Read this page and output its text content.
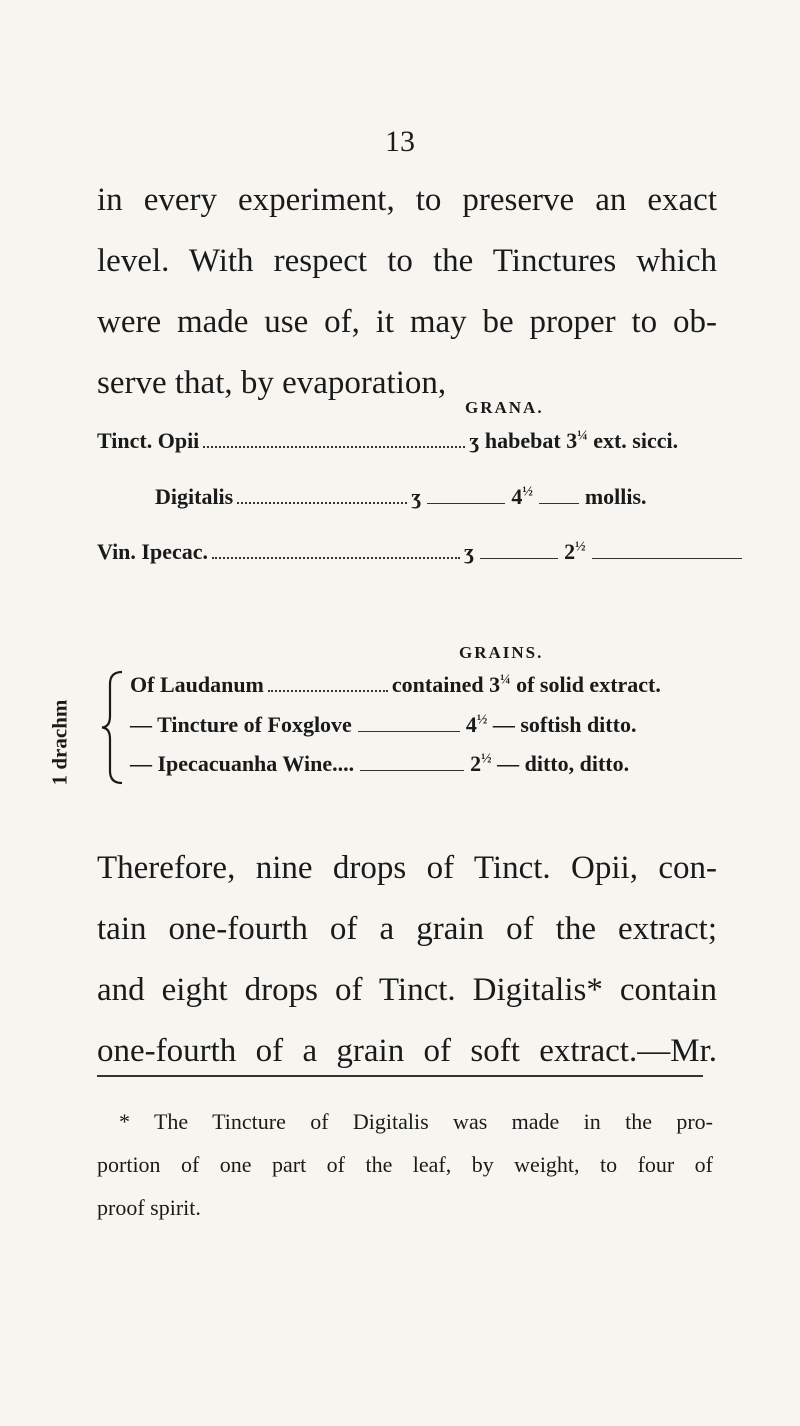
13
in every experiment, to preserve an exact
level. With respect to the Tinctures which
were made use of, it may be proper to ob-
serve that, by evaporation,
GRANA.
Tinct. Opii	ʒ habebat $3^{\frac{1}{4}}$ ext. sicci.
Digitalis	ʒ	$4^{\frac{1}{2}}$ mollis.
Vin. Ipecac.	ʒ	$2^{\frac{1}{2}}$
GRAINS.
1 drachm
Of Laudanum	contained $3^{\frac{1}{4}}$ of solid extract.
— Tincture of Foxglove	$4^{\frac{1}{2}}$ — softish ditto.
— Ipecacuanha Wine....	$2^{\frac{1}{2}}$ — ditto, ditto.
Therefore, nine drops of Tinct. Opii, con-
tain one-fourth of a grain of the extract;
and eight drops of Tinct. Digitalis* contain
one-fourth of a grain of soft extract.—Mr.
* The Tincture of Digitalis was made in the pro-
portion of one part of the leaf, by weight, to four of
proof spirit.
